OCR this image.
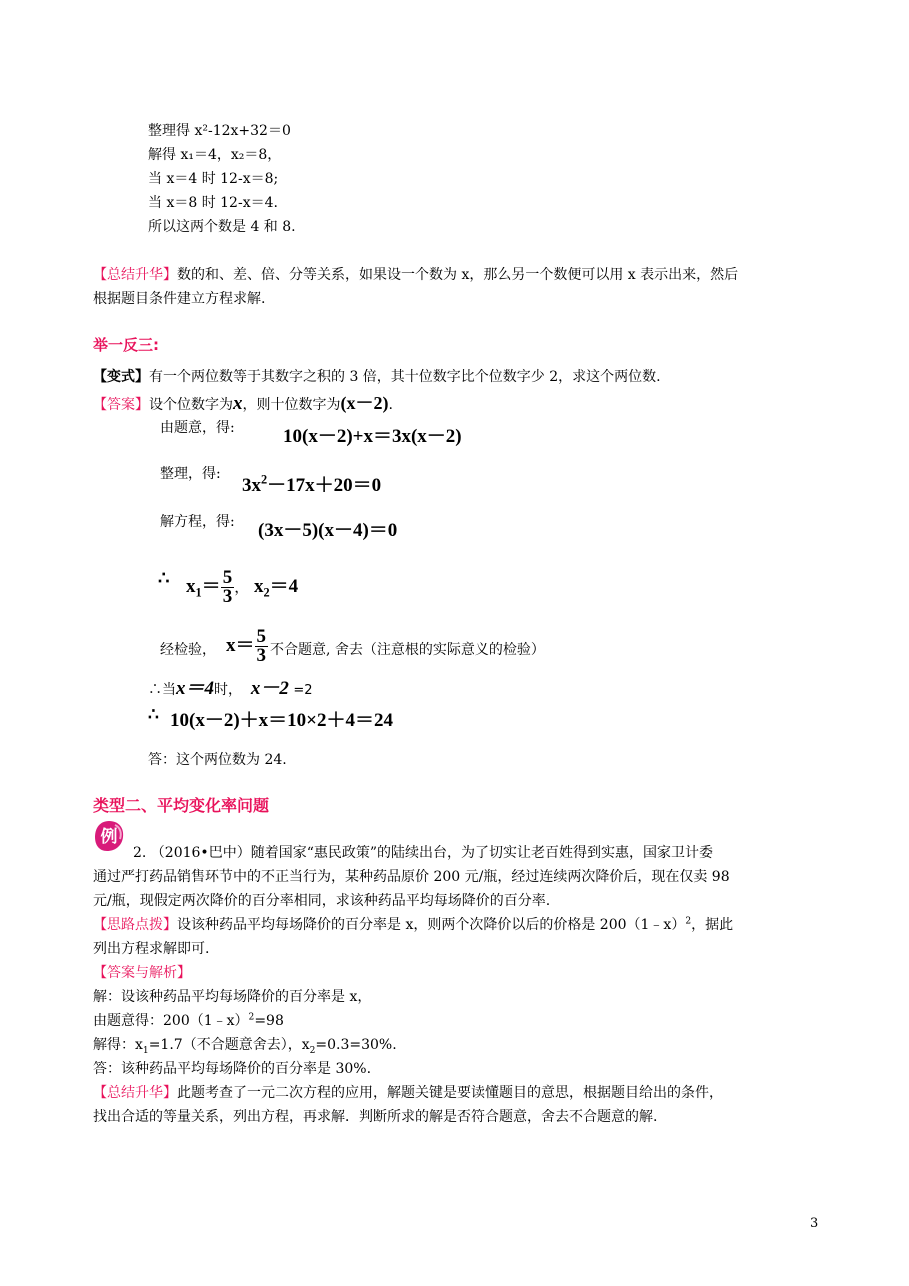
整理得 x²-12x+32＝0
解得 x₁＝4，x₂＝8，
当 x＝4 时 12-x＝8;
当 x＝8 时 12-x＝4.
所以这两个数是 4 和 8.
【总结升华】数的和、差、倍、分等关系，如果设一个数为 x，那么另一个数便可以用 x 表示出来，然后
根据题目条件建立方程求解.
举一反三:
【变式】有一个两位数等于其数字之积的 3 倍，其十位数字比个位数字少 2，求这个两位数.
【答案】设个位数字为x，则十位数字为(x－2).
由题意，得:	10(x－2)+x＝3x(x－2)
整理，得:
$3x^2-17x+20=0$
解方程，得: (3x－5)(x－4)＝0
∴ $x_1= \frac{5}{3}$ ， $x_2=4$
经检验， $x= \frac{5}{3}$ 不合题意, 舍去（注意根的实际意义的检验）
∴当x＝4时， x－2 =2
∴ 10(x－2)＋x＝10×2＋4＝24
答：这个两位数为 24.
类型二、平均变化率问题
例
2. （2016•巴中）随着国家“惠民政策”的陆续出台，为了切实让老百姓得到实惠，国家卫计委
通过严打药品销售环节中的不正当行为，某种药品原价 200 元/瓶，经过连续两次降价后，现在仅卖 98
元/瓶，现假定两次降价的百分率相同，求该种药品平均每场降价的百分率.
【思路点拨】设该种药品平均每场降价的百分率是 x，则两个次降价以后的价格是 200（1﹣x）$^2$，据此
列出方程求解即可.
【答案与解析】
解：设该种药品平均每场降价的百分率是 x，
由题意得：200（1﹣x）$^2$=98
解得：$x_1=1.7$（不合题意舍去），$x_2=0.3=30\%$.
答：该种药品平均每场降价的百分率是 30%.
【总结升华】此题考查了一元二次方程的应用，解题关键是要读懂题目的意思，根据题目给出的条件，
找出合适的等量关系，列出方程，再求解．判断所求的解是否符合题意，舍去不合题意的解.
3
